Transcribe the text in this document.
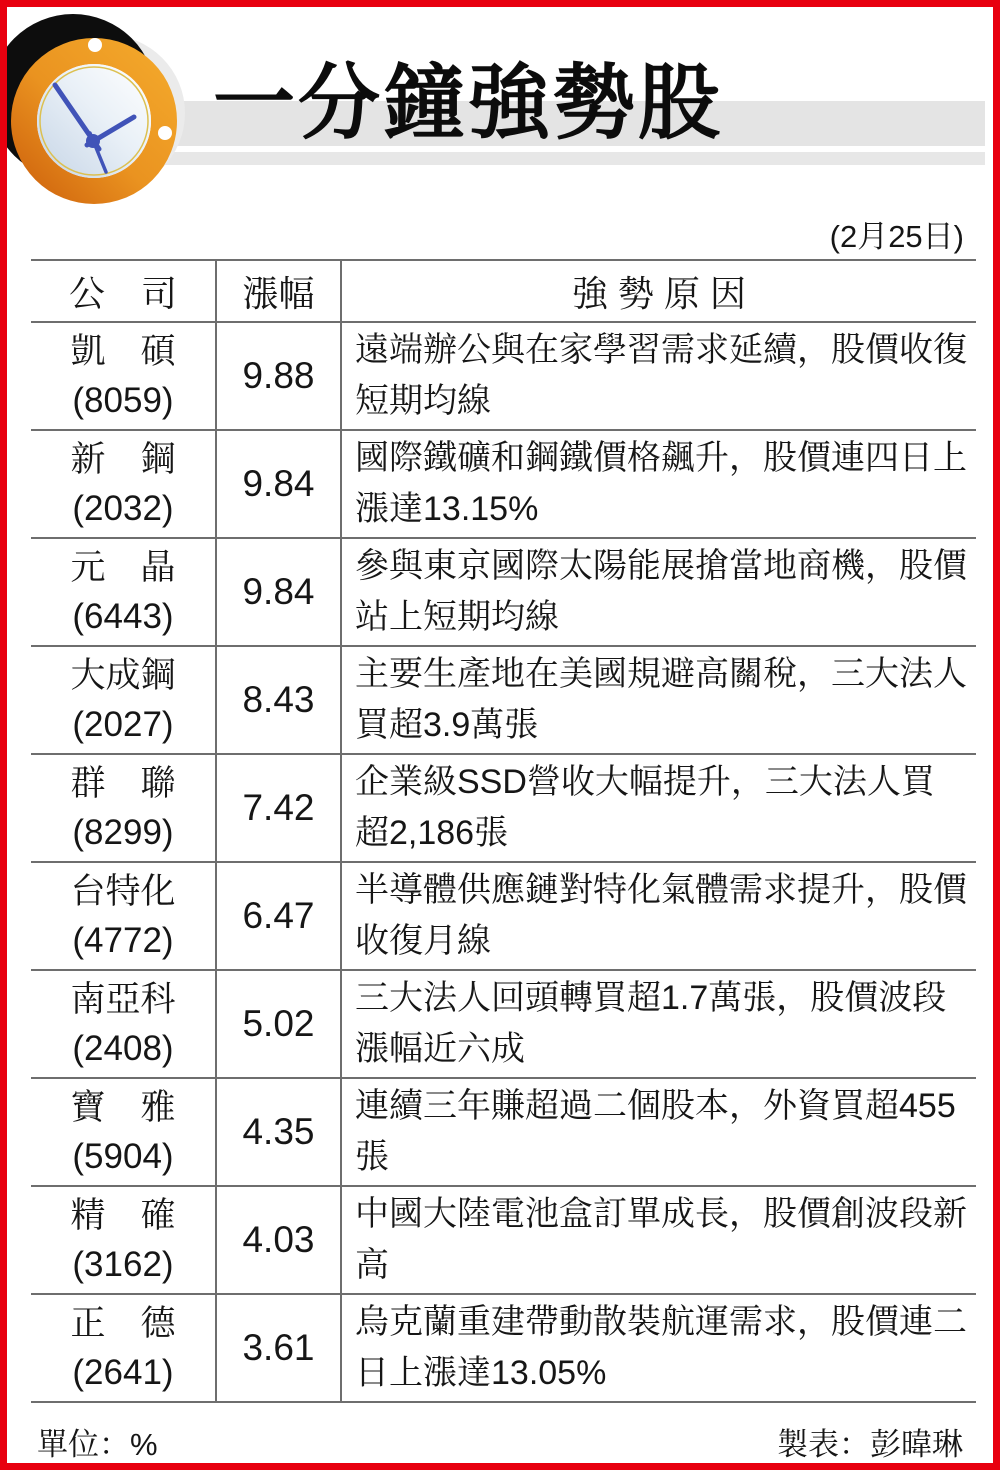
一分鐘強勢股
(2月25日)
公　司	漲幅	強 勢 原 因

凱　碩
(8059)	9.88	遠端辦公與在家學習需求延續，股價收復短期均線

新　鋼
(2032)	9.84	國際鐵礦和鋼鐵價格飆升，股價連四日上漲達13.15%

元　晶
(6443)	9.84	參與東京國際太陽能展搶當地商機，股價站上短期均線

大成鋼
(2027)	8.43	主要生產地在美國規避高關稅，三大法人買超3.9萬張

群　聯
(8299)	7.42	企業級SSD營收大幅提升，三大法人買超2,186張

台特化
(4772)	6.47	半導體供應鏈對特化氣體需求提升，股價收復月線

南亞科
(2408)	5.02	三大法人回頭轉買超1.7萬張，股價波段漲幅近六成

寶　雅
(5904)	4.35	連續三年賺超過二個股本，外資買超455張

精　確
(3162)	4.03	中國大陸電池盒訂單成長，股價創波段新高

正　德
(2641)	3.61	烏克蘭重建帶動散裝航運需求，股價連二日上漲達13.05%
單位：%	製表：彭暐琳
